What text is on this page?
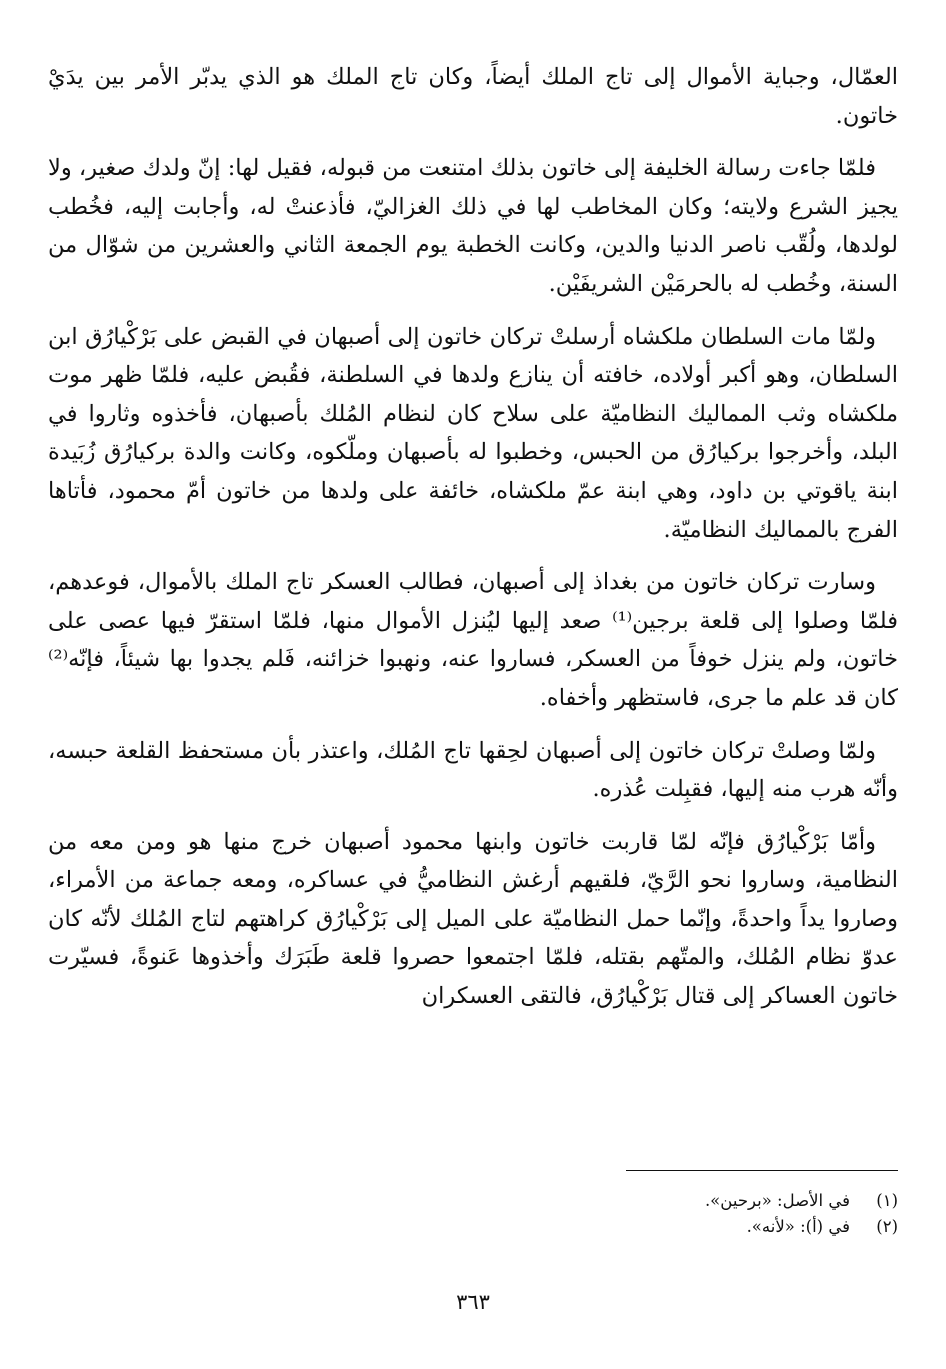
العمّال، وجباية الأموال إلى تاج الملك أيضاً، وكان تاج الملك هو الذي يدبّر الأمر بين يدَيْ خاتون.

فلمّا جاءت رسالة الخليفة إلى خاتون بذلك امتنعت من قبوله، فقيل لها: إنّ ولدك صغير، ولا يجيز الشرع ولايته؛ وكان المخاطب لها في ذلك الغزاليّ، فأذعنتْ له، وأجابت إليه، فخُطب لولدها، ولُقّب ناصر الدنيا والدين، وكانت الخطبة يوم الجمعة الثاني والعشرين من شوّال من السنة، وخُطب له بالحرمَيْن الشريفَيْن.

ولمّا مات السلطان ملكشاه أرسلتْ تركان خاتون إلى أصبهان في القبض على بَرْكْيارُق ابن السلطان، وهو أكبر أولاده، خافته أن ينازع ولدها في السلطنة، فقُبض عليه، فلمّا ظهر موت ملكشاه وثب المماليك النظاميّة على سلاح كان لنظام المُلك بأصبهان، فأخذوه وثاروا في البلد، وأخرجوا بركيارُق من الحبس، وخطبوا له بأصبهان وملّكوه، وكانت والدة بركيارُق زُبَيدة ابنة ياقوتي بن داود، وهي ابنة عمّ ملكشاه، خائفة على ولدها من خاتون أمّ محمود، فأتاها الفرج بالمماليك النظاميّة.

وسارت تركان خاتون من بغداذ إلى أصبهان، فطالب العسكر تاج الملك بالأموال، فوعدهم، فلمّا وصلوا إلى قلعة برجين⁽¹⁾ صعد إليها ليُنزل الأموال منها، فلمّا استقرّ فيها عصى على خاتون، ولم ينزل خوفاً من العسكر، فساروا عنه، ونهبوا خزائنه، فَلم يجدوا بها شيئاً، فإنّه⁽²⁾ كان قد علم ما جرى، فاستظهر وأخفاه.

ولمّا وصلتْ تركان خاتون إلى أصبهان لحِقها تاج المُلك، واعتذر بأن مستحفظ القلعة حبسه، وأنّه هرب منه إليها، فقبِلت عُذره.

وأمّا بَرْكْيارُق فإنّه لمّا قاربت خاتون وابنها محمود أصبهان خرج منها هو ومن معه من النظامية، وساروا نحو الرَّيّ، فلقيهم أرغش النظاميُّ في عساكره، ومعه جماعة من الأمراء، وصاروا يداً واحدةً، وإنّما حمل النظاميّة على الميل إلى بَرْكْيارُق كراهتهم لتاج المُلك لأنّه كان عدوّ نظام المُلك، والمتّهم بقتله، فلمّا اجتمعوا حصروا قلعة طَبَرَك وأخذوها عَنوةً، فسيّرت خاتون العساكر إلى قتال بَرْكْيارُق، فالتقى العسكران

(١)
في الأصل: «برحين».
(٢)
في (أ): «لأنه».
٣٦٣
